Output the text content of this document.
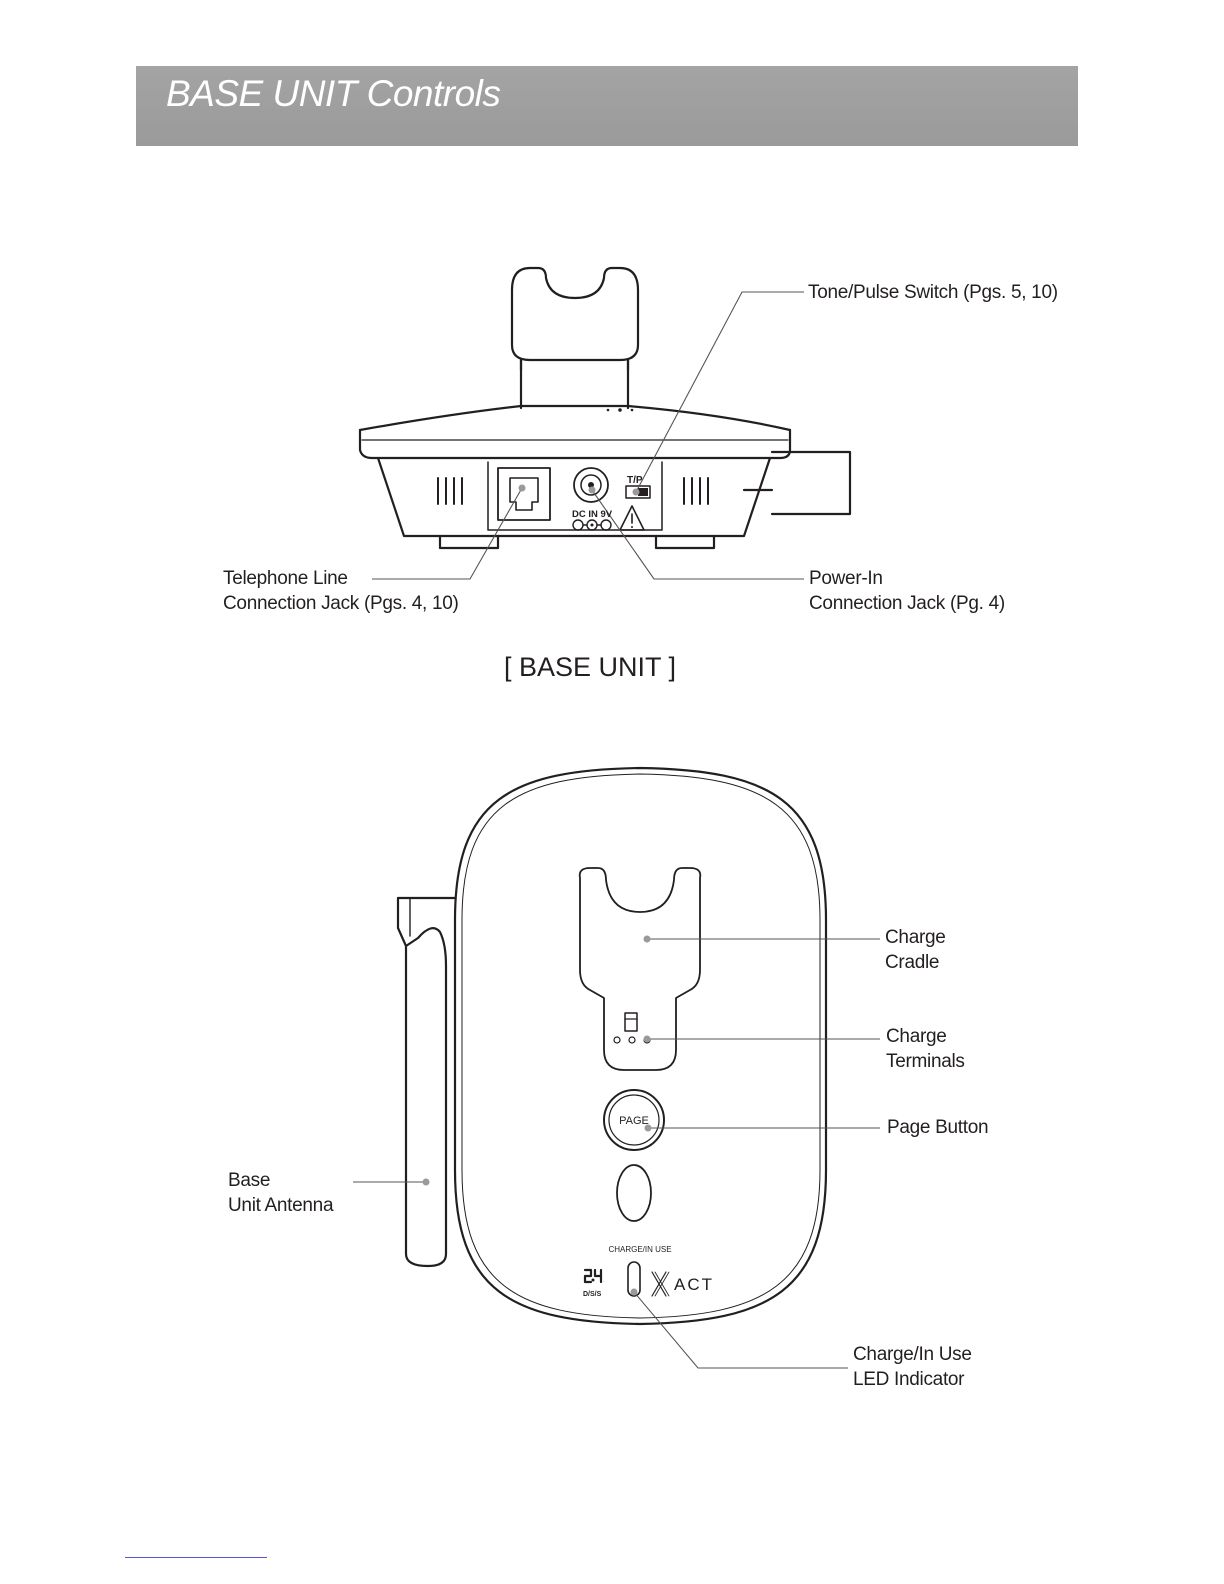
BASE UNIT Controls
T/P
DC IN 9V
PAGE
CHARGE/IN USE
D/S/S
2.4	ACT
Tone/Pulse Switch (Pgs. 5, 10)
Telephone Line
Connection Jack (Pgs. 4, 10)
Power-In
Connection Jack (Pg. 4)
[ BASE UNIT ]
Charge
Cradle
Charge
Terminals
Page Button
Base
Unit Antenna
Charge/In Use
LED Indicator
